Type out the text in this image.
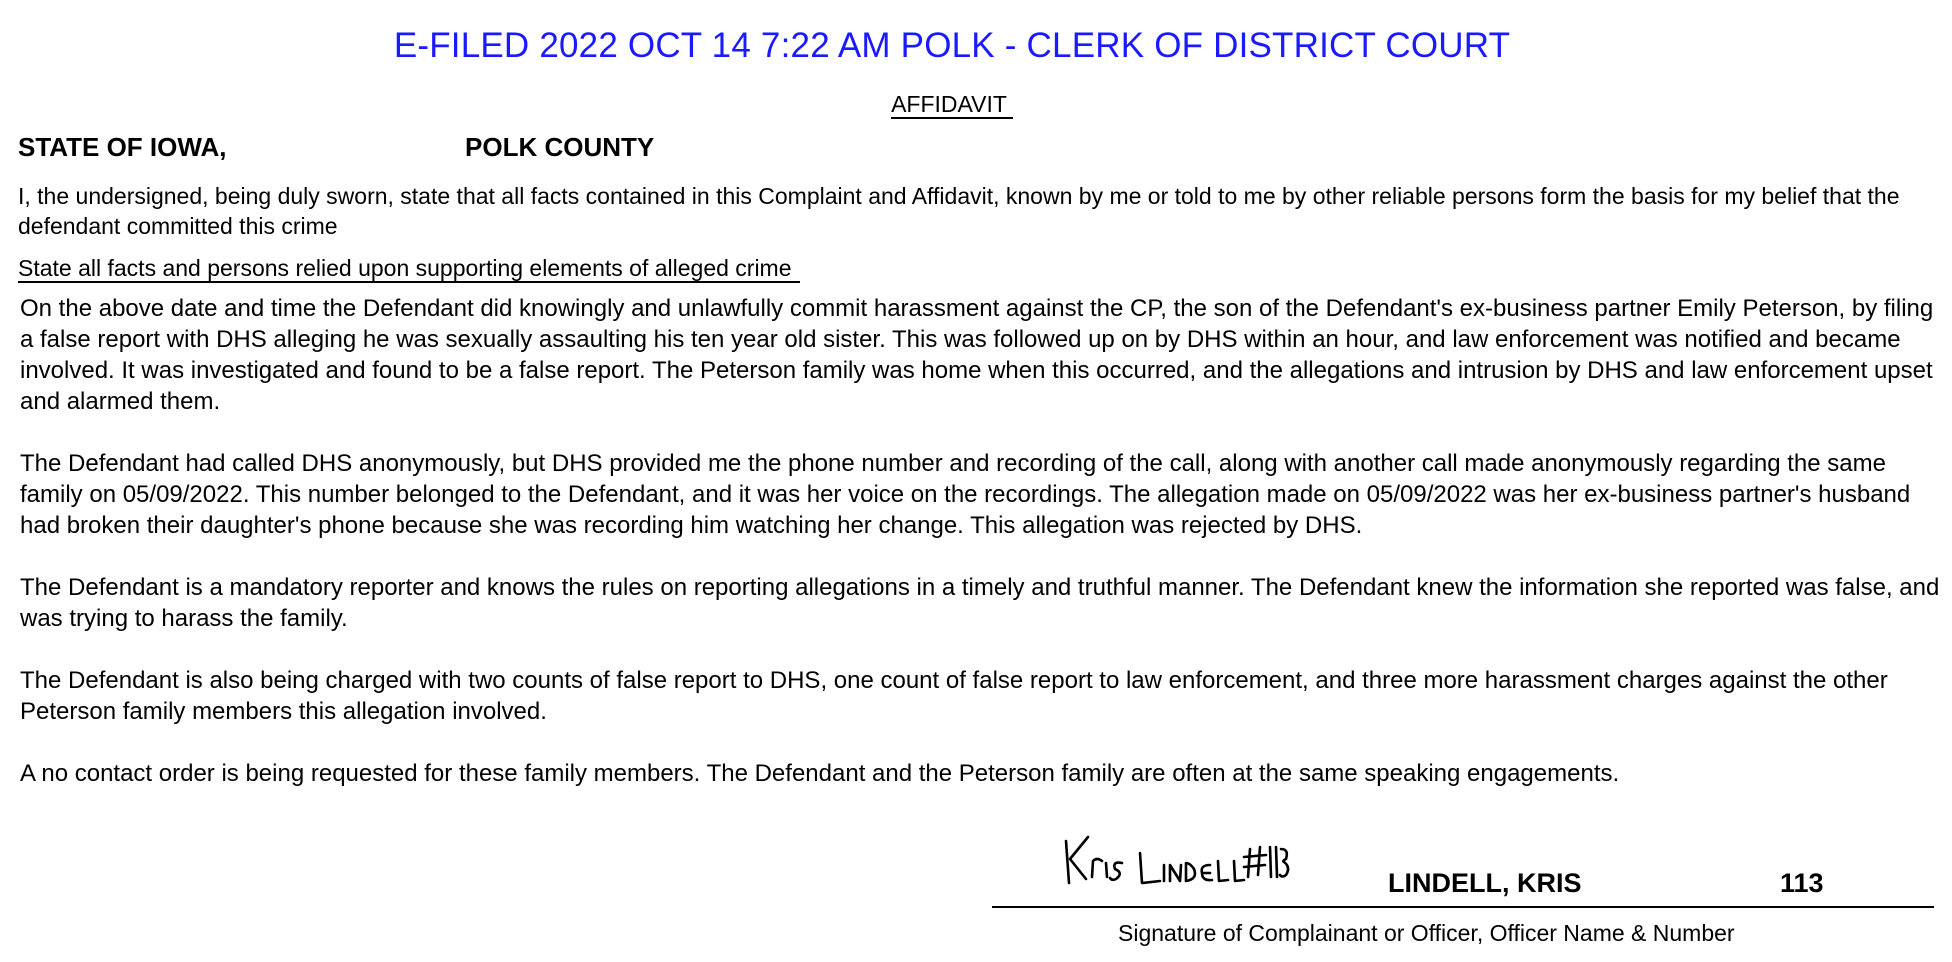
E-FILED 2022 OCT 14 7:22 AM POLK - CLERK OF DISTRICT COURT
AFFIDAVIT
STATE OF IOWA,	POLK COUNTY
I, the undersigned, being duly sworn, state that all facts contained in this Complaint and Affidavit, known by me or told to me by other reliable persons form the basis for my belief that the defendant committed this crime
State all facts and persons relied upon supporting elements of alleged crime

On the above date and time the Defendant did knowingly and unlawfully commit harassment against the CP, the son of the Defendant's ex-business partner Emily Peterson, by filing a false report with DHS alleging he was sexually assaulting his ten year old sister. This was followed up on by DHS within an hour, and law enforcement was notified and became involved. It was investigated and found to be a false report. The Peterson family was home when this occurred, and the allegations and intrusion by DHS and law enforcement upset and alarmed them.

The Defendant had called DHS anonymously, but DHS provided me the phone number and recording of the call, along with another call made anonymously regarding the same family on 05/09/2022. This number belonged to the Defendant, and it was her voice on the recordings. The allegation made on 05/09/2022 was her ex-business partner's husband had broken their daughter's phone because she was recording him watching her change. This allegation was rejected by DHS.

The Defendant is a mandatory reporter and knows the rules on reporting allegations in a timely and truthful manner. The Defendant knew the information she reported was false, and was trying to harass the family.

The Defendant is also being charged with two counts of false report to DHS, one count of false report to law enforcement, and three more harassment charges against the other Peterson family members this allegation involved.

A no contact order is being requested for these family members. The Defendant and the Peterson family are often at the same speaking engagements.

LINDELL, KRIS	113
Signature of Complainant or Officer, Officer Name & Number
